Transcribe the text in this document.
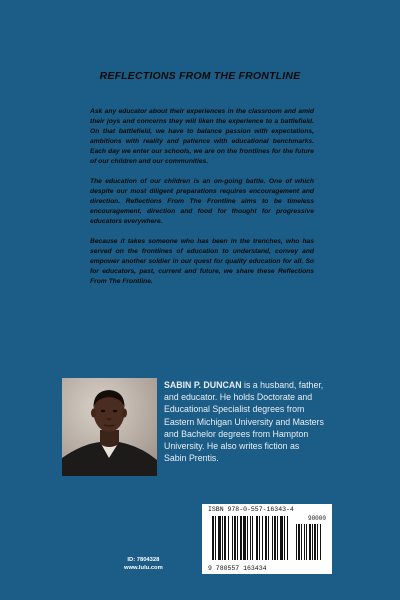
REFLECTIONS FROM THE FRONTLINE

Ask any educator about their experiences in the classroom and amid their joys and concerns they will liken the experience to a battlefield. On that battlefield, we have to balance passion with expectations, ambitions with reality and patience with educational benchmarks. Each day we enter our schools, we are on the frontlines for the future of our children and our communities.

The education of our children is an on-going battle. One of which despite our most diligent preparations requires encouragement and direction. Reflections From The Frontline aims to be timeless encouragement, direction and food for thought for progressive educators everywhere.

Because it takes someone who has been in the trenches, who has served on the frontlines of education to understand, convey and empower another soldier in our quest for quality education for all. So for educators, past, current and future, we share these Reflections From The Frontline.

SABIN P. DUNCAN is a husband, father, and educator. He holds Doctorate and Educational Specialist degrees from Eastern Michigan University and Masters and Bachelor degrees from Hampton University. He also writes fiction as Sabin Prentis.
ID: 7804328
www.lulu.com
ISBN 978-0-557-16343-4
90000
9 780557 163434
